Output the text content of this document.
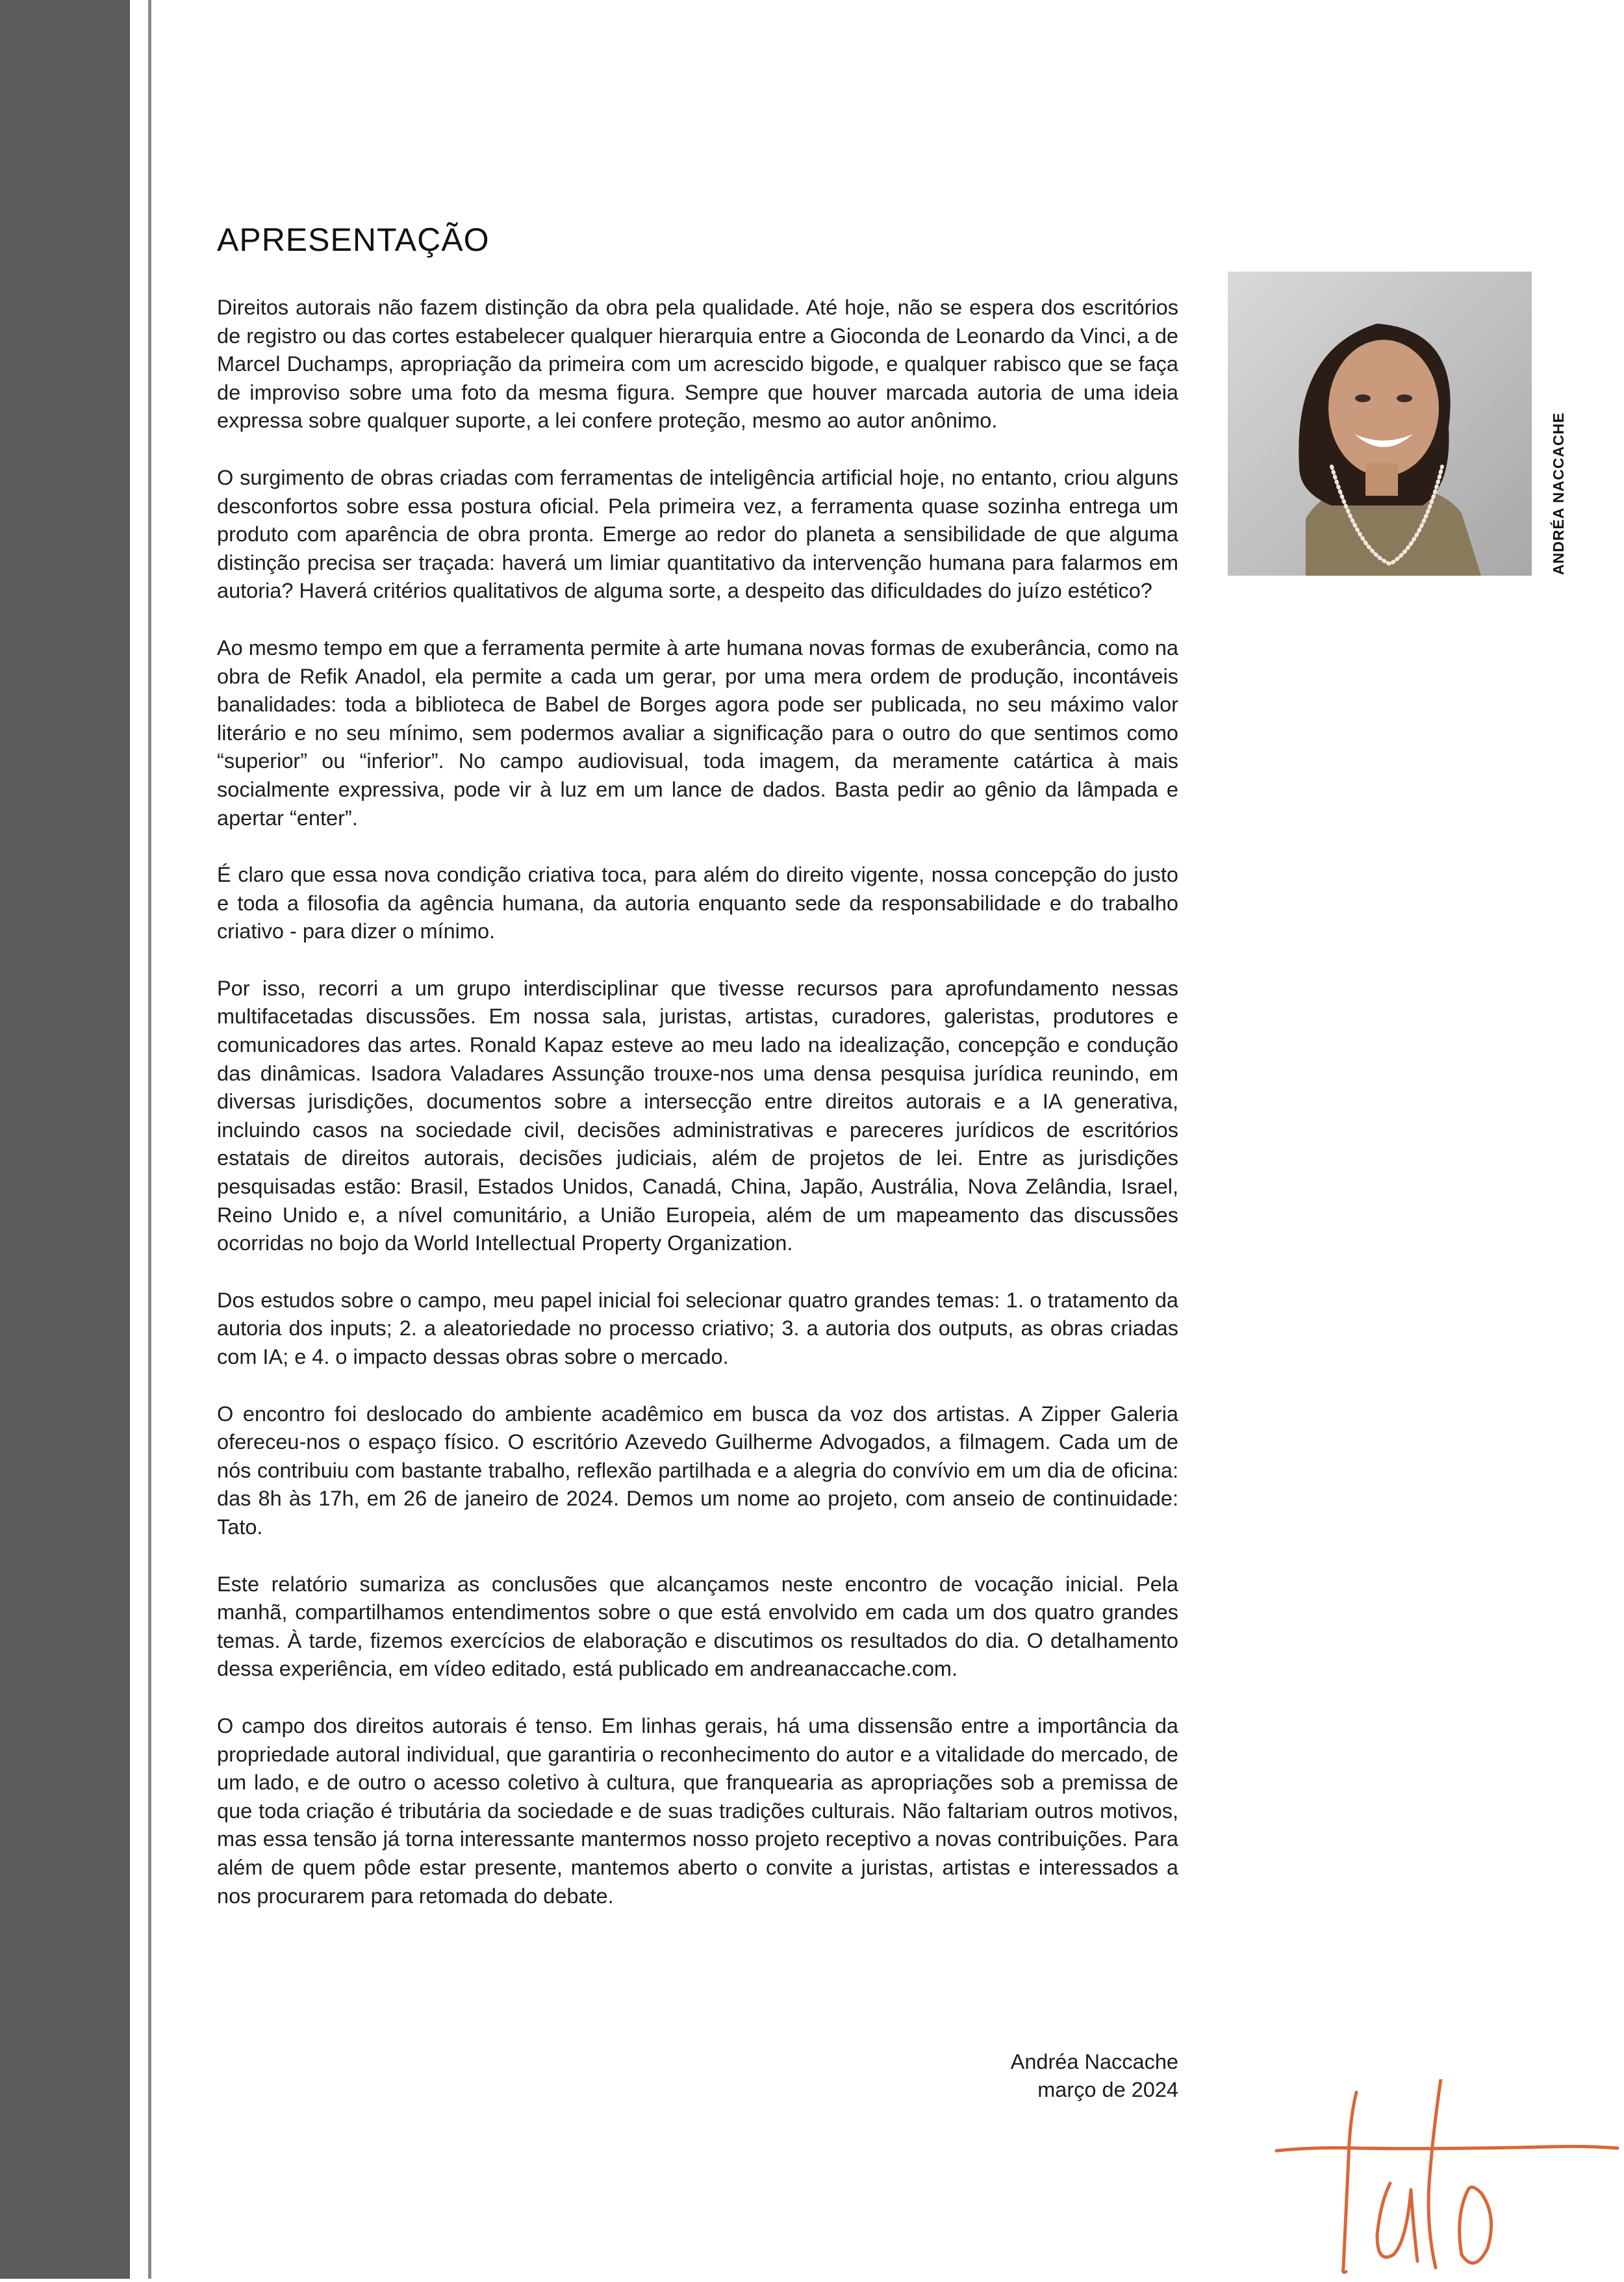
APRESENTAÇÃO

Direitos autorais não fazem distinção da obra pela qualidade. Até hoje, não se espera dos escritórios de registro ou das cortes estabelecer qualquer hierarquia entre a Gioconda de Leonardo da Vinci, a de Marcel Duchamps, apropriação da primeira com um acrescido bigode, e qualquer rabisco que se faça de improviso sobre uma foto da mesma figura. Sempre que houver marcada autoria de uma ideia expressa sobre qualquer suporte, a lei confere proteção, mesmo ao autor anônimo.

O surgimento de obras criadas com ferramentas de inteligência artificial hoje, no entanto, criou alguns desconfortos sobre essa postura oficial. Pela primeira vez, a ferramenta quase sozinha entrega um produto com aparência de obra pronta. Emerge ao redor do planeta a sensibilidade de que alguma distinção precisa ser traçada: haverá um limiar quantitativo da intervenção humana para falarmos em autoria? Haverá critérios qualitativos de alguma sorte, a despeito das dificuldades do juízo estético?

Ao mesmo tempo em que a ferramenta permite à arte humana novas formas de exuberância, como na obra de Refik Anadol, ela permite a cada um gerar, por uma mera ordem de produção, incontáveis banalidades: toda a biblioteca de Babel de Borges agora pode ser publicada, no seu máximo valor literário e no seu mínimo, sem podermos avaliar a significação para o outro do que sentimos como “superior” ou “inferior”. No campo audiovisual, toda imagem, da meramente catártica à mais socialmente expressiva, pode vir à luz em um lance de dados. Basta pedir ao gênio da lâmpada e apertar “enter”.

É claro que essa nova condição criativa toca, para além do direito vigente, nossa concepção do justo e toda a filosofia da agência humana, da autoria enquanto sede da responsabilidade e do trabalho criativo - para dizer o mínimo.

Por isso, recorri a um grupo interdisciplinar que tivesse recursos para aprofundamento nessas multifacetadas discussões. Em nossa sala, juristas, artistas, curadores, galeristas, produtores e comunicadores das artes. Ronald Kapaz esteve ao meu lado na idealização, concepção e condução das dinâmicas. Isadora Valadares Assunção trouxe-nos uma densa pesquisa jurídica reunindo, em diversas jurisdições, documentos sobre a intersecção entre direitos autorais e a IA generativa, incluindo casos na sociedade civil, decisões administrativas e pareceres jurídicos de escritórios estatais de direitos autorais, decisões judiciais, além de projetos de lei. Entre as jurisdições pesquisadas estão: Brasil, Estados Unidos, Canadá, China, Japão, Austrália, Nova Zelândia, Israel, Reino Unido e, a nível comunitário, a União Europeia, além de um mapeamento das discussões ocorridas no bojo da World Intellectual Property Organization.

Dos estudos sobre o campo, meu papel inicial foi selecionar quatro grandes temas: 1. o tratamento da autoria dos inputs; 2. a aleatoriedade no processo criativo; 3. a autoria dos outputs, as obras criadas com IA; e 4. o impacto dessas obras sobre o mercado.

O encontro foi deslocado do ambiente acadêmico em busca da voz dos artistas. A Zipper Galeria ofereceu-nos o espaço físico. O escritório Azevedo Guilherme Advogados, a filmagem. Cada um de nós contribuiu com bastante trabalho, reflexão partilhada e a alegria do convívio em um dia de oficina: das 8h às 17h, em 26 de janeiro de 2024. Demos um nome ao projeto, com anseio de continuidade: Tato.

Este relatório sumariza as conclusões que alcançamos neste encontro de vocação inicial. Pela manhã, compartilhamos entendimentos sobre o que está envolvido em cada um dos quatro grandes temas. À tarde, fizemos exercícios de elaboração e discutimos os resultados do dia. O detalhamento dessa experiência, em vídeo editado, está publicado em andreanaccache.com.

O campo dos direitos autorais é tenso. Em linhas gerais, há uma dissensão entre a importância da propriedade autoral individual, que garantiria o reconhecimento do autor e a vitalidade do mercado, de um lado, e de outro o acesso coletivo à cultura, que franquearia as apropriações sob a premissa de que toda criação é tributária da sociedade e de suas tradições culturais. Não faltariam outros motivos, mas essa tensão já torna interessante mantermos nosso projeto receptivo a novas contribuições. Para além de quem pôde estar presente, mantemos aberto o convite a juristas, artistas e interessados a nos procurarem para retomada do debate.

Andréa Naccache
março de 2024
ANDRÉA NACCACHE
